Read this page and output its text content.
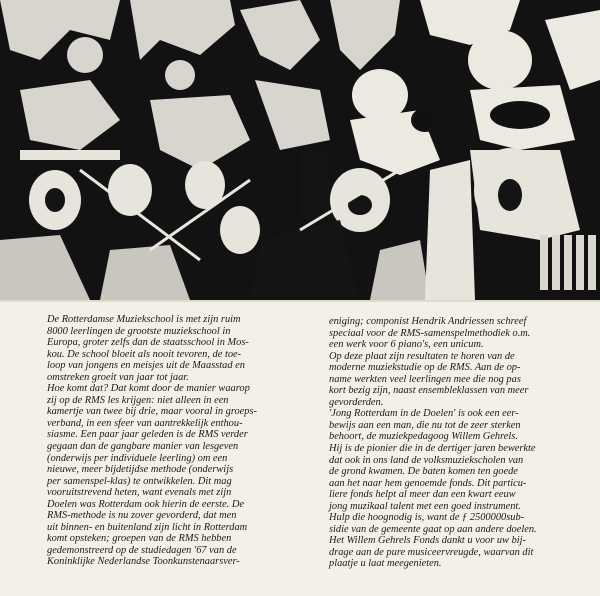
De Rotterdamse Muziekschool is met zijn ruim
8000 leerlingen de grootste muziekschool in
Europa, groter zelfs dan de staatsschool in Mos-
kou. De school bloeit als nooit tevoren, de toe-
loop van jongens en meisjes uit de Maasstad en
omstreken groeit van jaar tot jaar.
Hoe komt dat? Dat komt door de manier waarop
zij op de RMS les krijgen: niet alleen in een
kamertje van twee bij drie, maar vooral in groeps-
verband, in een sfeer van aantrekkelijk enthou-
siasme. Een paar jaar geleden is de RMS verder
gegaan dan de gangbare manier van lesgeven
(onderwijs per individuele leerling) om een
nieuwe, meer bijdetijdse methode (onderwijs
per samenspel-klas) te ontwikkelen. Dit mag
vooruitstrevend heten, want evenals met zijn
Doelen was Rotterdam ook hierin de eerste. De
RMS-methode is nu zover gevorderd, dat men
uit binnen- en buitenland zijn licht in Rotterdam
komt opsteken; groepen van de RMS hebben
gedemonstreerd op de studiedagen '67 van de
Koninklijke Nederlandse Toonkunstenaarsver-
eniging; componist Hendrik Andriessen schreef
speciaal voor de RMS-samenspelmethodiek o.m.
een werk voor 6 piano's, een unicum.
Op deze plaat zijn resultaten te horen van de
moderne muziekstudie op de RMS. Aan de op-
name werkten veel leerlingen mee die nog pas
kort bezig zijn, naast ensembleklassen van meer
gevorderden.
'Jong Rotterdam in de Doelen' is ook een eer-
bewijs aan een man, die nu tot de zeer sterken
behoort, de muziekpedagoog Willem Gehrels.
Hij is de pionier die in de dertiger jaren bewerkte
dat ook in ons land de volksmuziekscholen van
de grond kwamen. De baten komen ten goede
aan het naar hem genoemde fonds. Dit particu-
liere fonds helpt al meer dan een kwart eeuw
jong muzikaal talent met een goed instrument.
Hulp die hoognodig is, want de ƒ 2500000sub-
sidie van de gemeente gaat op aan andere doelen.
Het Willem Gehrels Fonds dankt u voor uw bij-
drage aan de pure musiceervreugde, waarvan dit
plaatje u laat meegenieten.
